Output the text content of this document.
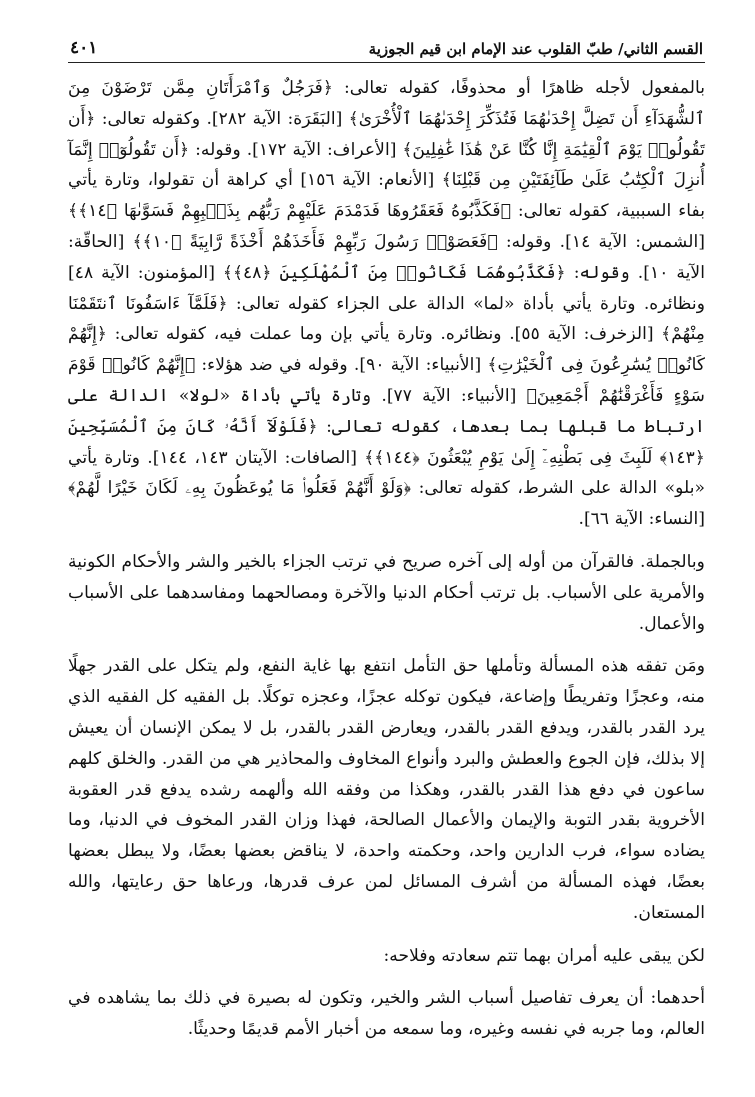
القسم الثاني/ طبّ القلوب عند الإمام ابن قيم الجوزية
٤٠١

بالمفعول لأجله ظاهرًا أو محذوفًا، كقوله تعالى: ﴿فَرَجُلٌ وَٱمْرَأَتَانِ مِمَّن تَرْضَوْنَ مِنَ ٱلشُّهَدَآءِ أَن تَضِلَّ إِحْدَىٰهُمَا فَتُذَكِّرَ إِحْدَىٰهُمَا ٱلْأُخْرَىٰ﴾ [البَقَرَة: الآية ٢٨٢]. وكقوله تعالى: ﴿أَن تَقُولُوا۟ يَوْمَ ٱلْقِيَٰمَةِ إِنَّا كُنَّا عَنْ هَٰذَا غَٰفِلِينَ﴾ [الأعراف: الآية ١٧٢]. وقوله: ﴿أَن تَقُولُوٓا۟ إِنَّمَآ أُنزِلَ ٱلْكِتَٰبُ عَلَىٰ طَآئِفَتَيْنِ مِن قَبْلِنَا﴾ [الأنعام: الآية ١٥٦] أي كراهة أن تقولوا، وتارة يأتي بفاء السببية، كقوله تعالى: ﴿فَكَذَّبُوهُ فَعَقَرُوهَا فَدَمْدَمَ عَلَيْهِمْ رَبُّهُم بِذَنۢبِهِمْ فَسَوَّىٰهَا ﴿١٤﴾﴾ [الشمس: الآية ١٤]. وقوله: ﴿فَعَصَوْا۟ رَسُولَ رَبِّهِمْ فَأَخَذَهُمْ أَخْذَةً رَّابِيَةً ﴿١٠﴾﴾ [الحاقّة: الآية ١٠]. وقوله: ﴿فَكَذَّبُوهُمَا فَكَانُوا۟ مِنَ ٱلْمُهْلَكِينَ ﴿٤٨﴾﴾ [المؤمنون: الآية ٤٨] ونظائره. وتارة يأتي بأداة «لما» الدالة على الجزاء كقوله تعالى: ﴿فَلَمَّآ ءَاسَفُونَا ٱنتَقَمْنَا مِنْهُمْ﴾ [الزخرف: الآية ٥٥]. ونظائره. وتارة يأتي بإن وما عملت فيه، كقوله تعالى: ﴿إِنَّهُمْ كَانُوا۟ يُسَٰرِعُونَ فِى ٱلْخَيْرَٰتِ﴾ [الأنبياء: الآية ٩٠]. وقوله في ضد هؤلاء: ﴿إِنَّهُمْ كَانُوا۟ قَوْمَ سَوْءٍ فَأَغْرَقْنَٰهُمْ أَجْمَعِينَ﴾ [الأنبياء: الآية ٧٧]. وتارة يأتي بأداة «لولا» الدالة على ارتباط ما قبلها بما بعدها، كقوله تعالى: ﴿فَلَوْلَآ أَنَّهُۥ كَانَ مِنَ ٱلْمُسَبِّحِينَ ﴿١٤٣﴾ لَلَبِثَ فِى بَطْنِهِۦٓ إِلَىٰ يَوْمِ يُبْعَثُونَ ﴿١٤٤﴾﴾ [الصافات: الآيتان ١٤٣، ١٤٤]. وتارة يأتي «بلو» الدالة على الشرط، كقوله تعالى: ﴿وَلَوْ أَنَّهُمْ فَعَلُوا۟ مَا يُوعَظُونَ بِهِۦ لَكَانَ خَيْرًا لَّهُمْ﴾ [النساء: الآية ٦٦].

وبالجملة. فالقرآن من أوله إلى آخره صريح في ترتب الجزاء بالخير والشر والأحكام الكونية والأمرية على الأسباب. بل ترتب أحكام الدنيا والآخرة ومصالحهما ومفاسدهما على الأسباب والأعمال.

ومَن تفقه هذه المسألة وتأملها حق التأمل انتفع بها غاية النفع، ولم يتكل على القدر جهلًا منه، وعجزًا وتفريطًا وإضاعة، فيكون توكله عجزًا، وعجزه توكلًا. بل الفقيه كل الفقيه الذي يرد القدر بالقدر، ويدفع القدر بالقدر، ويعارض القدر بالقدر، بل لا يمكن الإنسان أن يعيش إلا بذلك، فإن الجوع والعطش والبرد وأنواع المخاوف والمحاذير هي من القدر. والخلق كلهم ساعون في دفع هذا القدر بالقدر، وهكذا من وفقه الله وألهمه رشده يدفع قدر العقوبة الأخروية بقدر التوبة والإيمان والأعمال الصالحة، فهذا وزان القدر المخوف في الدنيا، وما يضاده سواء، فرب الدارين واحد، وحكمته واحدة، لا يناقض بعضها بعضًا، ولا يبطل بعضها بعضًا، فهذه المسألة من أشرف المسائل لمن عرف قدرها، ورعاها حق رعايتها، والله المستعان.

لكن يبقى عليه أمران بهما تتم سعادته وفلاحه:

أحدهما: أن يعرف تفاصيل أسباب الشر والخير، وتكون له بصيرة في ذلك بما يشاهده في العالم، وما جربه في نفسه وغيره، وما سمعه من أخبار الأمم قديمًا وحديثًا.
